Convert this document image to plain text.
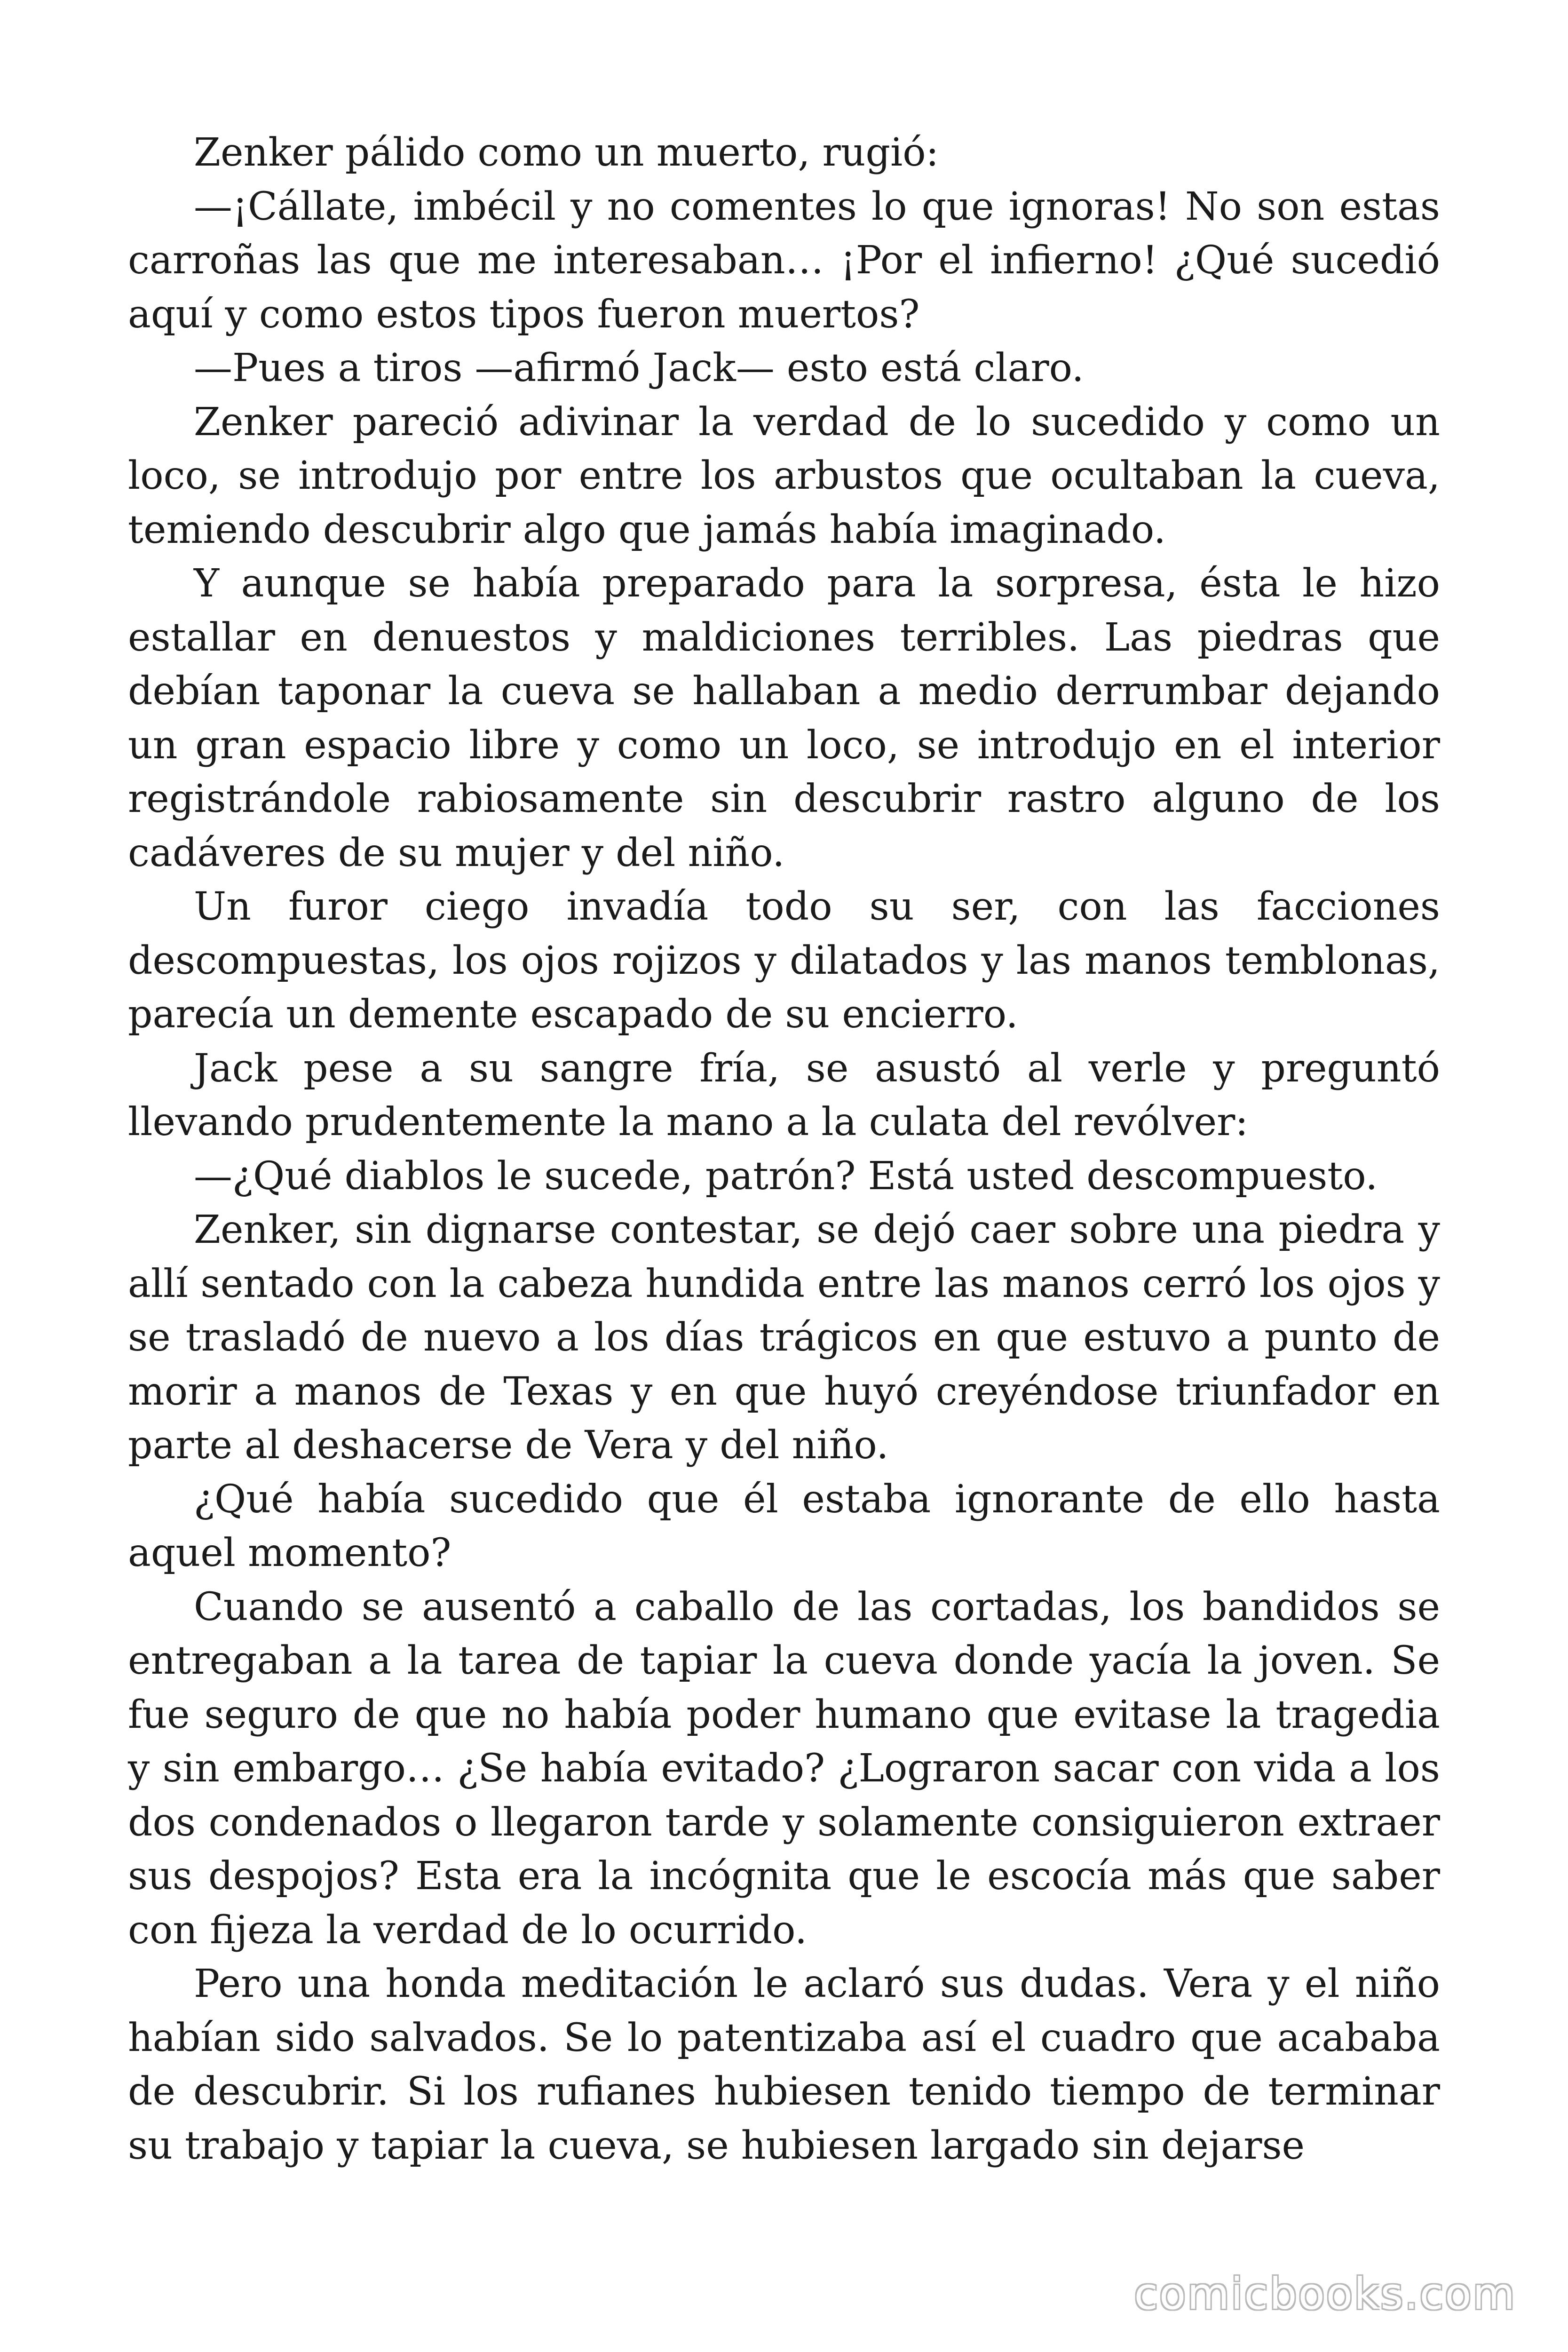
Zenker pálido como un muerto, rugió:

—¡Cállate, imbécil y no comentes lo que ignoras! No son estas carroñas las que me interesaban… ¡Por el infierno! ¿Qué sucedió aquí y como estos tipos fueron muertos?

—Pues a tiros —afirmó Jack— esto está claro.

Zenker pareció adivinar la verdad de lo sucedido y como un loco, se introdujo por entre los arbustos que ocultaban la cueva, temiendo descubrir algo que jamás había imaginado.

Y aunque se había preparado para la sorpresa, ésta le hizo estallar en denuestos y maldiciones terribles. Las piedras que debían taponar la cueva se hallaban a medio derrumbar dejando un gran espacio libre y como un loco, se introdujo en el interior registrándole rabiosamente sin descubrir rastro alguno de los cadáveres de su mujer y del niño.

Un furor ciego invadía todo su ser, con las facciones descompuestas, los ojos rojizos y dilatados y las manos temblonas, parecía un demente escapado de su encierro.

Jack pese a su sangre fría, se asustó al verle y preguntó llevando prudentemente la mano a la culata del revólver:

—¿Qué diablos le sucede, patrón? Está usted descompuesto.

Zenker, sin dignarse contestar, se dejó caer sobre una piedra y allí sentado con la cabeza hundida entre las manos cerró los ojos y se trasladó de nuevo a los días trágicos en que estuvo a punto de morir a manos de Texas y en que huyó creyéndose triunfador en parte al deshacerse de Vera y del niño.

¿Qué había sucedido que él estaba ignorante de ello hasta aquel momento?

Cuando se ausentó a caballo de las cortadas, los bandidos se entregaban a la tarea de tapiar la cueva donde yacía la joven. Se fue seguro de que no había poder humano que evitase la tragedia y sin embargo… ¿Se había evitado? ¿Lograron sacar con vida a los dos condenados o llegaron tarde y solamente consiguieron extraer sus despojos? Esta era la incógnita que le escocía más que saber con fijeza la verdad de lo ocurrido.

Pero una honda meditación le aclaró sus dudas. Vera y el niño habían sido salvados. Se lo patentizaba así el cuadro que acababa de descubrir. Si los rufianes hubiesen tenido tiempo de terminar su trabajo y tapiar la cueva, se hubiesen largado sin dejarse

comicbooks.com
